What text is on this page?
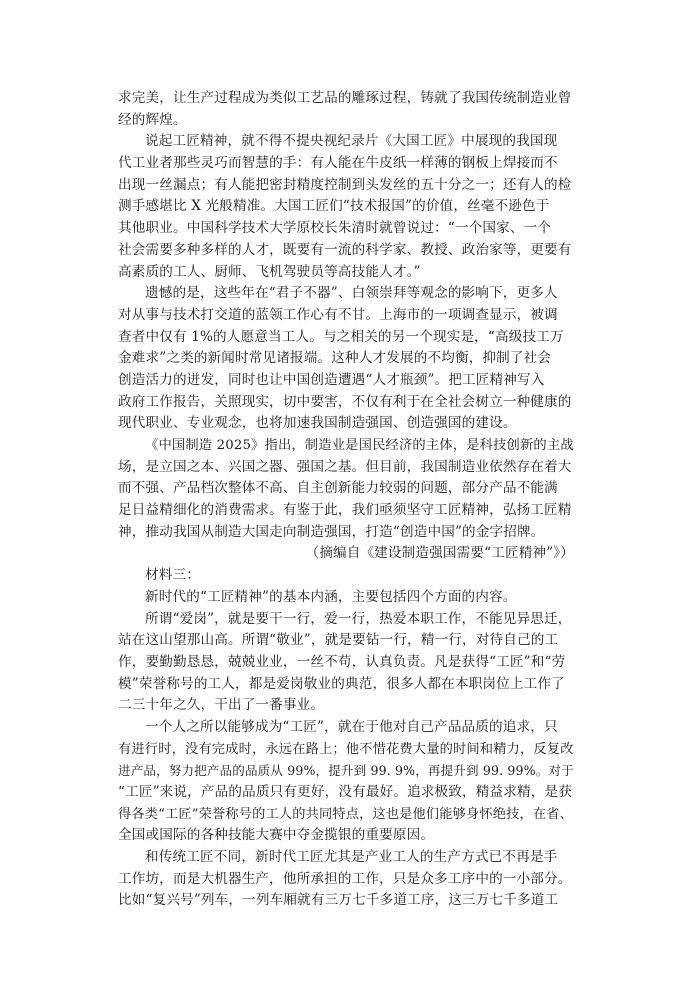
求完美，让生产过程成为类似工艺品的雕琢过程，铸就了我国传统制造业曾
经的辉煌。
说起工匠精神，就不得不提央视纪录片《大国工匠》中展现的我国现
代工业者那些灵巧而智慧的手：有人能在牛皮纸一样薄的钢板上焊接而不
出现一丝漏点；有人能把密封精度控制到头发丝的五十分之一；还有人的检
测手感堪比 X 光般精准。大国工匠们“技术报国”的价值，丝毫不逊色于
其他职业。中国科学技术大学原校长朱清时就曾说过：“一个国家、一个
社会需要多种多样的人才，既要有一流的科学家、教授、政治家等，更要有
高素质的工人、厨师、飞机驾驶员等高技能人才。”
遗憾的是，这些年在“君子不器”、白领崇拜等观念的影响下，更多人
对从事与技术打交道的蓝领工作心有不甘。上海市的一项调查显示，被调
查者中仅有 1%的人愿意当工人。与之相关的另一个现实是，“高级技工万
金难求”之类的新闻时常见诸报端。这种人才发展的不均衡，抑制了社会
创造活力的迸发，同时也让中国创造遭遇“人才瓶颈”。把工匠精神写入
政府工作报告，关照现实，切中要害，不仅有利于在全社会树立一种健康的
现代职业、专业观念，也将加速我国制造强国、创造强国的建设。
《中国制造 2025》指出，制造业是国民经济的主体，是科技创新的主战
场，是立国之本、兴国之器、强国之基。但目前，我国制造业依然存在着大
而不强、产品档次整体不高、自主创新能力较弱的问题，部分产品不能满
足日益精细化的消费需求。有鉴于此，我们亟须坚守工匠精神，弘扬工匠精
神，推动我国从制造大国走向制造强国，打造“创造中国”的金字招牌。
（摘编自《建设制造强国需要“工匠精神”》）
材料三：
新时代的“工匠精神”的基本内涵，主要包括四个方面的内容。
所谓“爱岗”，就是要干一行，爱一行，热爱本职工作，不能见异思迁，
站在这山望那山高。所谓“敬业”，就是要钻一行，精一行，对待自己的工
作，要勤勤恳恳，兢兢业业，一丝不苟，认真负责。凡是获得“工匠”和“劳
模”荣誉称号的工人，都是爱岗敬业的典范，很多人都在本职岗位上工作了
二三十年之久，干出了一番事业。
一个人之所以能够成为“工匠”，就在于他对自己产品品质的追求，只
有进行时，没有完成时，永远在路上；他不惜花费大量的时间和精力，反复改
进产品，努力把产品的品质从 99%，提升到 99. 9%，再提升到 99. 99%。对于
“工匠”来说，产品的品质只有更好，没有最好。追求极致，精益求精，是获
得各类“工匠”荣誉称号的工人的共同特点，这也是他们能够身怀绝技，在省、
全国或国际的各种技能大赛中夺金揽银的重要原因。
和传统工匠不同，新时代工匠尤其是产业工人的生产方式已不再是手
工作坊，而是大机器生产，他所承担的工作，只是众多工序中的一小部分。
比如“复兴号”列车，一列车厢就有三万七千多道工序，这三万七千多道工
